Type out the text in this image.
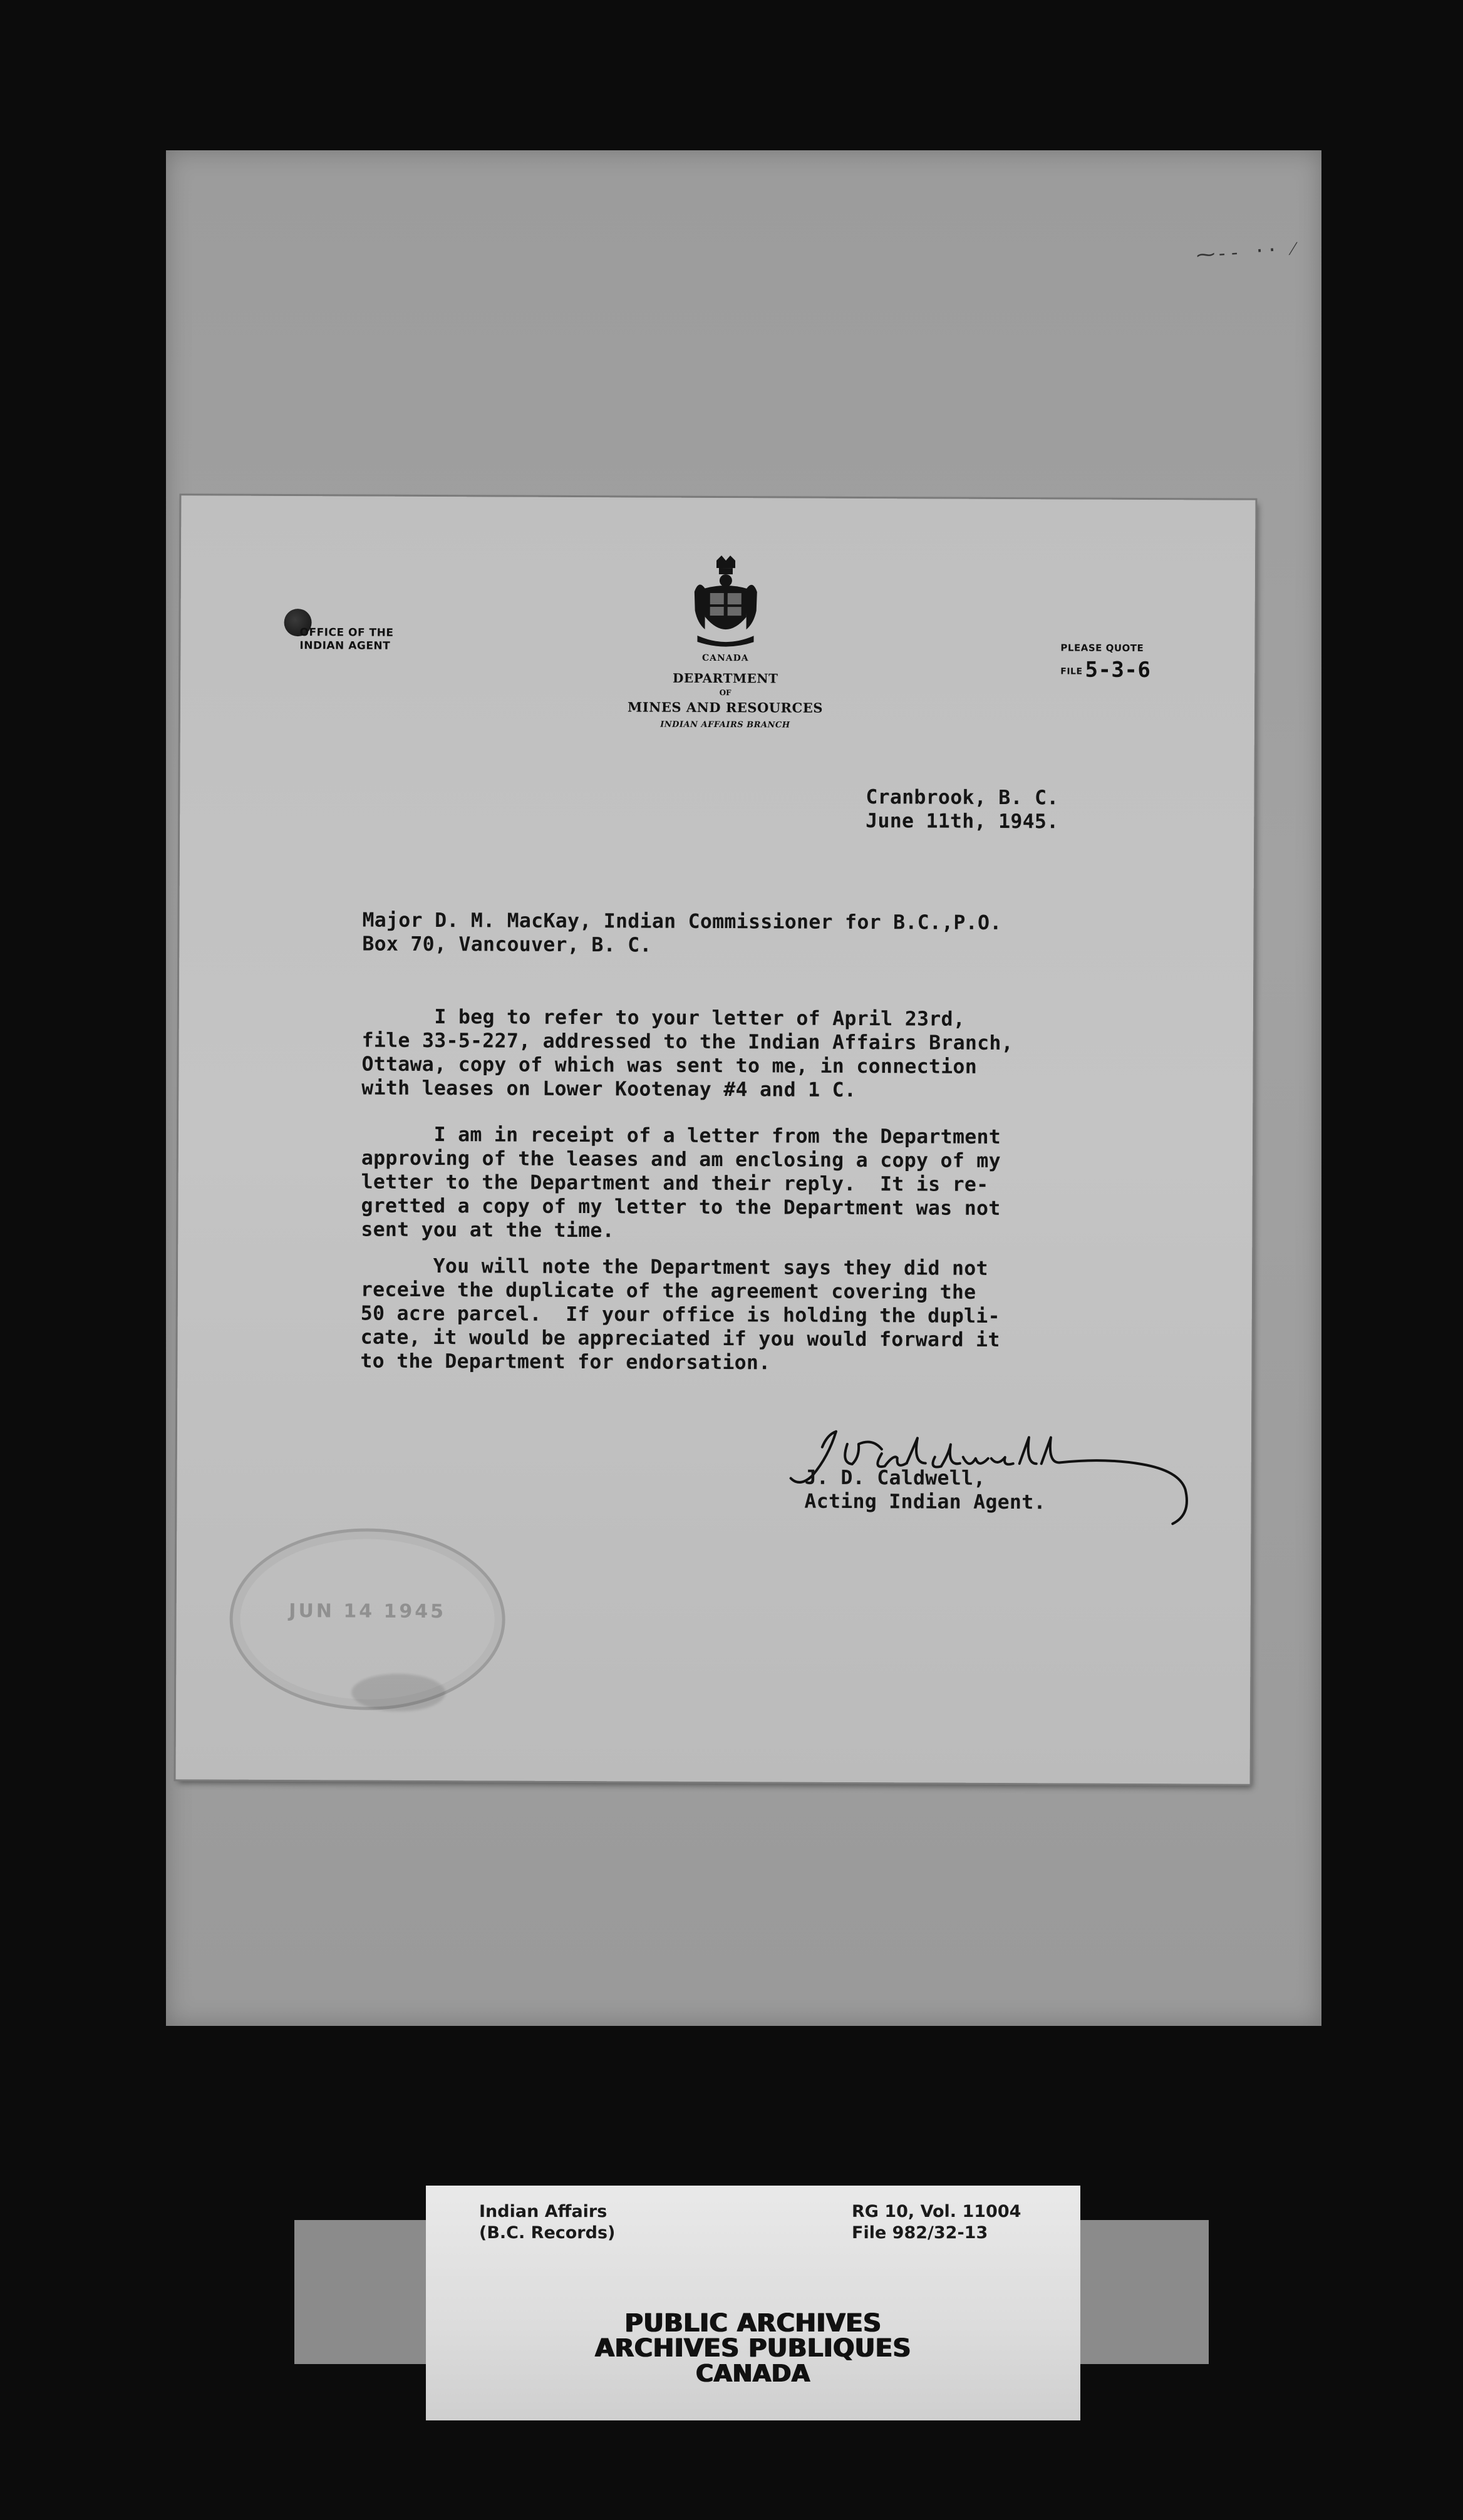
⁓-- ·· ⁄
OFFICE OF THE
INDIAN AGENT
CANADA
DEPARTMENT
OF
MINES AND RESOURCES
INDIAN AFFAIRS BRANCH
PLEASE QUOTE
FILE 5-3-6
Cranbrook, B. C.
June 11th, 1945.
Major D. M. MacKay, Indian Commissioner for B.C.,P.O.
Box 70, Vancouver, B. C.
I beg to refer to your letter of April 23rd,
file 33-5-227, addressed to the Indian Affairs Branch,
Ottawa, copy of which was sent to me, in connection
with leases on Lower Kootenay #4 and 1 C.
I am in receipt of a letter from the Department
approving of the leases and am enclosing a copy of my
letter to the Department and their reply.  It is re-
gretted a copy of my letter to the Department was not
sent you at the time.
You will note the Department says they did not
receive the duplicate of the agreement covering the
50 acre parcel.  If your office is holding the dupli-
cate, it would be appreciated if you would forward it
to the Department for endorsation.
J. D. Caldwell,
Acting Indian Agent.
JUN 14 1945
Indian Affairs
(B.C. Records)
RG 10, Vol. 11004
File 982/32-13
PUBLIC ARCHIVES
ARCHIVES PUBLIQUES
CANADA
